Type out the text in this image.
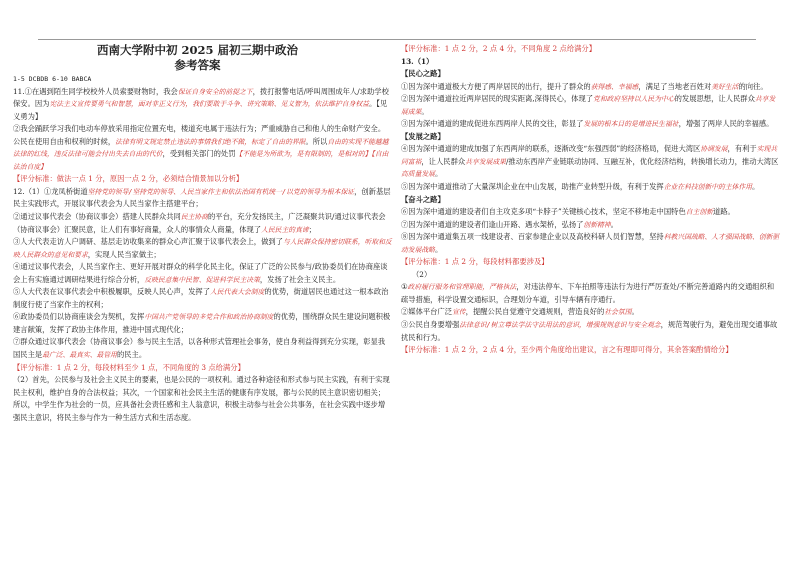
西南大学附中初 2025 届初三期中政治
参考答案
1-5 DCBDB 6-10 BABCA

11.①在遇到陌生同学校校外人员索要财物时，我会保证自身安全的前提之下，拨打报警电话/呼叫周围成年人/求助学校保安。因为宪法主义宣传要勇气和智慧，面对非正义行为，我们要敢于斗争、讲究策略、见义智为，依法维护自身权益。【见义勇为】

②我会踊跃学习我们电动车停放采用指定位置充电，楼道充电属于违法行为；严重威胁自己和他人的生命财产安全。公民在使用自由和权利的时候，法律有明文规定禁止违法的事情我们绝不做，标定了自由的界限。所以自由的实现不能越越法律的红线，违反法律可能会付出失去自由的代价，受到相关部门的处罚【不能是为所欲为，是有限制的，是相对的】【自由法治自度】

【评分标准：做法一点 1 分，原因一点 2 分，必须结合情景加以分析】

12.（1）①龙凤桥街道坚持党的领导/坚持党的领导、人民当家作主和依法治国有机统一/以党的领导为根本保证，创新基层民主实践形式，开展议事代表会为人民当家作主搭建平台；

②通过议事代表会（协商议事会）搭建人民群众共同民主协商的平台，充分发扬民主，广泛凝聚共识/通过议事代表会（协商议事会）汇聚民意，让人们有事好商量，众人的事情众人商量，体现了人民民主的真谛；

③人大代表走访人户调研、基层走访收集来的群众心声汇聚于议事代表会上，做到了与人民群众保持密切联系，听取和反映人民群众的意见和要求，实现人民当家做主；

④通过议事代表会，人民当家作主、更好开展对群众的科学化民主化，保证了广泛的公民参与/政协委员们在协商座谈会上有实施通过调研结果进行综合分析，反映民意集中民智、促进科学民主决策，发扬了社会主义民主。

⑤人大代表在议事代表会中积极履职，反映人民心声，发挥了人民代表大会制度的优势，街道居民也通过这一根本政治制度行使了当家作主的权利；

⑥政协委员们以协商座谈会为契机，发挥中国共产党领导的多党合作和政治协商制度的优势，围绕群众民生建设问题积极建言献策，发挥了政协主体作用，推进中国式现代化；

⑦群众通过议事代表会（协商议事会）参与民主生活，以各种形式管理社会事务，使自身利益得到充分实现，彰显我国民主是最广泛、最真实、最管用的民主。

【评分标准：1 点 2 分，每段材料至少 1 点，不同角度的 3 点给满分】

（2）首先，公民参与及社会主义民主的要素，也是公民的一项权利。通过各种途径和形式参与民主实践，有利于实现民主权利，维护自身的合法权益；其次，一个国家和社会民主生活的健康有序发展，都与公民的民主意识密切相关；所以，中学生作为社会的一员，应具备社会责任感和主人翁意识，积极主动参与社会公共事务，在社会实践中逐步增强民主意识，将民主参与作为一种生活方式和生活态度。

【评分标准：1 点 2 分，2 点 4 分，不同角度 2 点给满分】

13.（1）

【民心之路】

①因为深中通道极大方便了两岸居民的出行，提升了群众的获得感、幸福感，满足了当地老百姓对美好生活的向往。

②因为深中通道拉近两岸居民的现实距离,深得民心，体现了党和政府坚持以人民为中心的发展思想，让人民群众共享发展成果。

③因为深中通道的建成促进东西两岸人民的交往，彰显了发展的根本目的是增进民生福祉，增强了两岸人民的幸福感。

【发展之路】

④因为深中通道的建成加强了东西两岸的联系，逐渐改变“东强西弱”的经济格局，促进大湾区协调发展，有利于实现共同富裕，让人民群众共享发展成果/推动东西岸产业链联动协同、互融互补，优化经济结构，转换增长动力，推动大湾区高质量发展。

⑤因为深中通道推动了大量深圳企业在中山发展，助推产业转型升级，有利于发挥企业在科技创新中的主体作用。

【奋斗之路】

⑥因为深中通道的建设者们自主攻克多项“卡脖子”关键核心技术，坚定不移地走中国特色自主创新道路。

⑦因为深中通道的建设者们逢山开路、遇水架桥，弘扬了创新精神。

⑧因为深中通道集五项一线建设者、百家参建企业以及高校科研人员们智慧，坚持科教兴国战略、人才强国战略、创新驱动发展战略。

【评分标准：1 点 2 分，每段材料都要涉及】

（2）

①政府履行服务和管理职能，严格执法，对违法停车、下车拍照等违法行为进行严厉查处/不断完善道路内的交通组织和疏导措施，科学设置交通标识，合理划分车道，引导车辆有序通行。

②媒体平台广泛宣传，提醒公民自觉遵守交通规则，营造良好的社会氛围。

③公民自身要增强法律意识/树立尊法学法守法用法的意识，增强规则意识与安全观念，规范驾驶行为，避免出现交通事故扰民和行为。

【评分标准：1 点 2 分，2 点 4 分，至少两个角度给出建议，言之有理即可得分，其余答案酌情给分】
